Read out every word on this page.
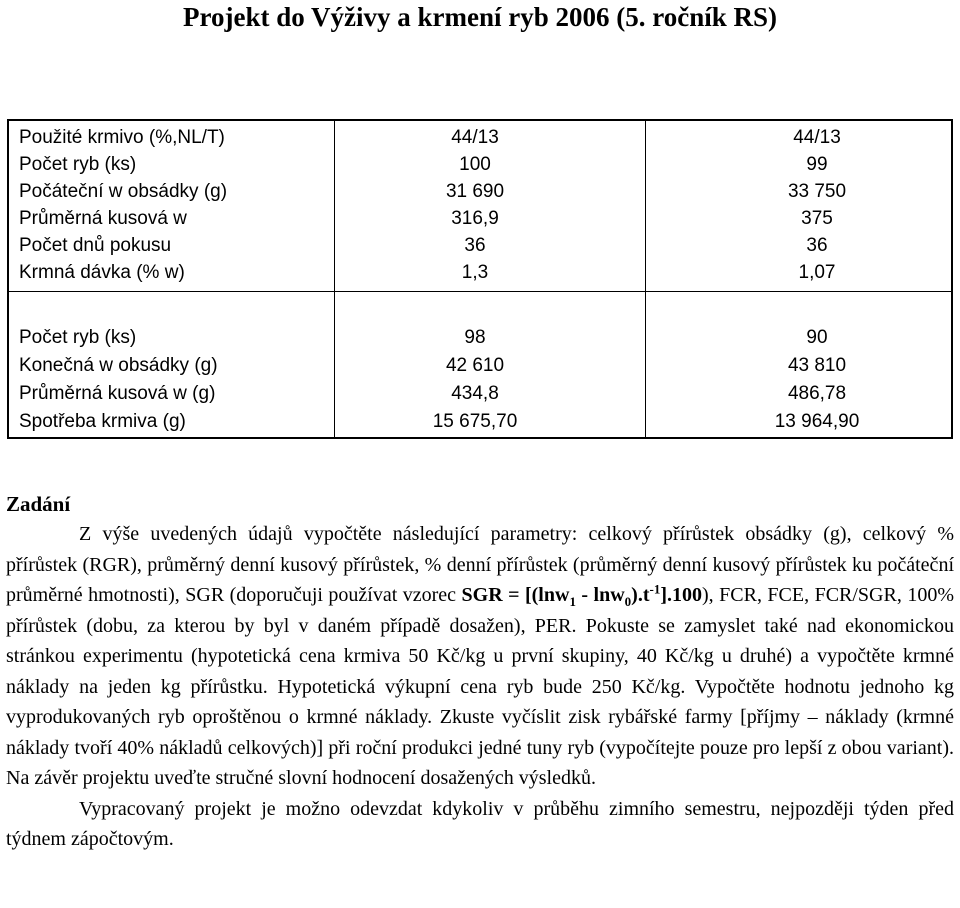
Projekt do Výživy a krmení ryb 2006 (5. ročník RS)
Použité krmivo (%,NL/T)	44/13	44/13
Počet ryb (ks)	100	99
Počáteční w obsádky (g)	31 690	33 750
Průměrná kusová w	316,9	375
Počet dnů pokusu	36	36
Krmná dávka (% w)	1,3	1,07
Počet ryb (ks)	98	90
Konečná w obsádky (g)	42 610	43 810
Průměrná kusová w (g)	434,8	486,78
Spotřeba krmiva (g)	15 675,70	13 964,90
Zadání

Z výše uvedených údajů vypočtěte následující parametry: celkový přírůstek obsádky (g), celkový % přírůstek (RGR), průměrný denní kusový přírůstek, % denní přírůstek (průměrný denní kusový přírůstek ku počáteční průměrné hmotnosti), SGR (doporučuji používat vzorec SGR = $[(\ln w_1 - \ln w_0).t^{-1}].100$), FCR, FCE, FCR/SGR, 100% přírůstek (dobu, za kterou by byl v daném případě dosažen), PER. Pokuste se zamyslet také nad ekonomickou stránkou experimentu (hypotetická cena krmiva 50 Kč/kg u první skupiny, 40 Kč/kg u druhé) a vypočtěte krmné náklady na jeden kg přírůstku. Hypotetická výkupní cena ryb bude 250 Kč/kg. Vypočtěte hodnotu jednoho kg vyprodukovaných ryb oproštěnou o krmné náklady. Zkuste vyčíslit zisk rybářské farmy [příjmy – náklady (krmné náklady tvoří 40% nákladů celkových)] při roční produkci jedné tuny ryb (vypočítejte pouze pro lepší z obou variant). Na závěr projektu uveďte stručné slovní hodnocení dosažených výsledků.

Vypracovaný projekt je možno odevzdat kdykoliv v průběhu zimního semestru, nejpozději týden před týdnem zápočtovým.
